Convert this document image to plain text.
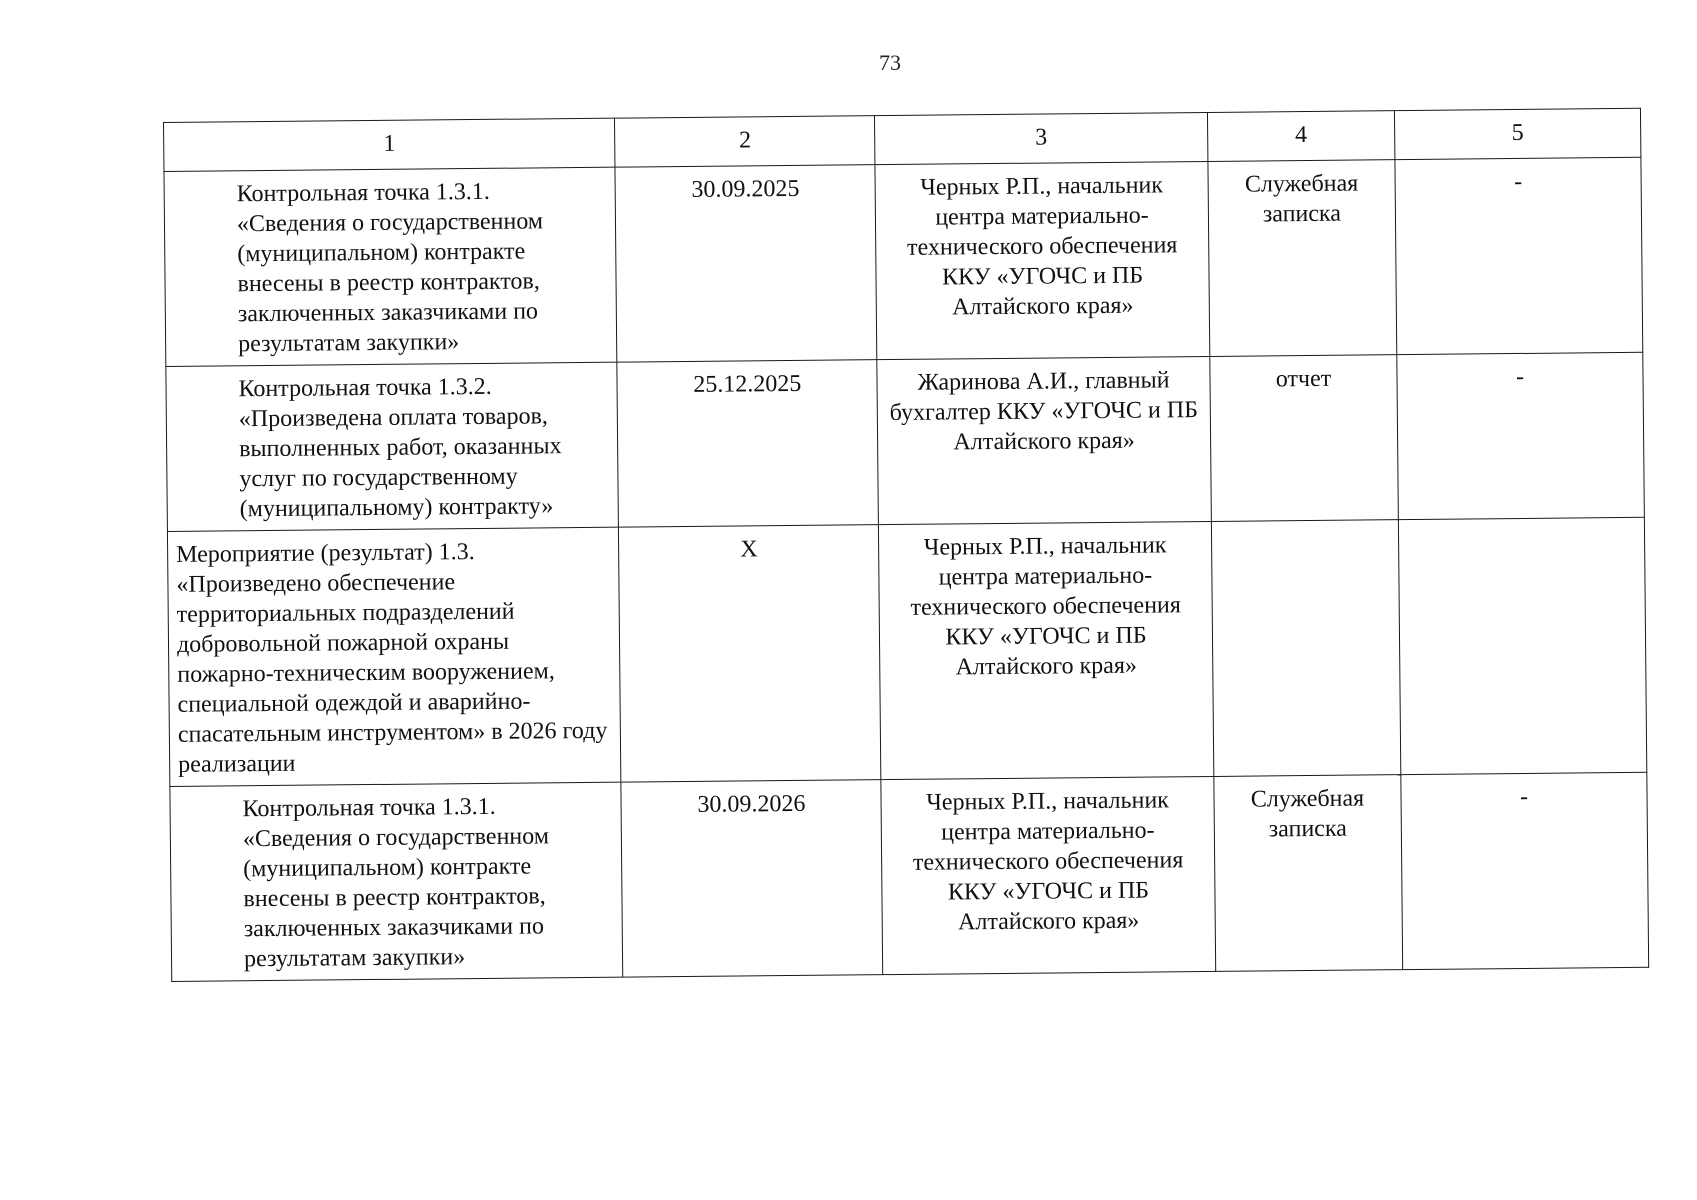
73
1	2	3	4	5
Контрольная точка 1.3.1. «Сведения о государственном (муниципальном) контракте внесены в реестр контрактов, заключенных заказчиками по результатам закупки»	30.09.2025	Черных Р.П., начальник центра материально-технического обеспечения ККУ «УГОЧС и ПБ Алтайского края»	Служебная записка	-
Контрольная точка 1.3.2. «Произведена оплата товаров, выполненных работ, оказанных услуг по государственному (муниципальному) контракту»	25.12.2025	Жаринова А.И., главный бухгалтер ККУ «УГОЧС и ПБ Алтайского края»	отчет	-
Мероприятие (результат) 1.3. «Произведено обеспечение территориальных подразделений добровольной пожарной охраны пожарно-техническим вооружением, специальной одеждой и аварийно-спасательным инструментом» в 2026 году реализации	X	Черных Р.П., начальник центра материально-технического обеспечения ККУ «УГОЧС и ПБ Алтайского края»		
Контрольная точка 1.3.1. «Сведения о государственном (муниципальном) контракте внесены в реестр контрактов, заключенных заказчиками по результатам закупки»	30.09.2026	Черных Р.П., начальник центра материально-технического обеспечения ККУ «УГОЧС и ПБ Алтайского края»	Служебная записка	-
